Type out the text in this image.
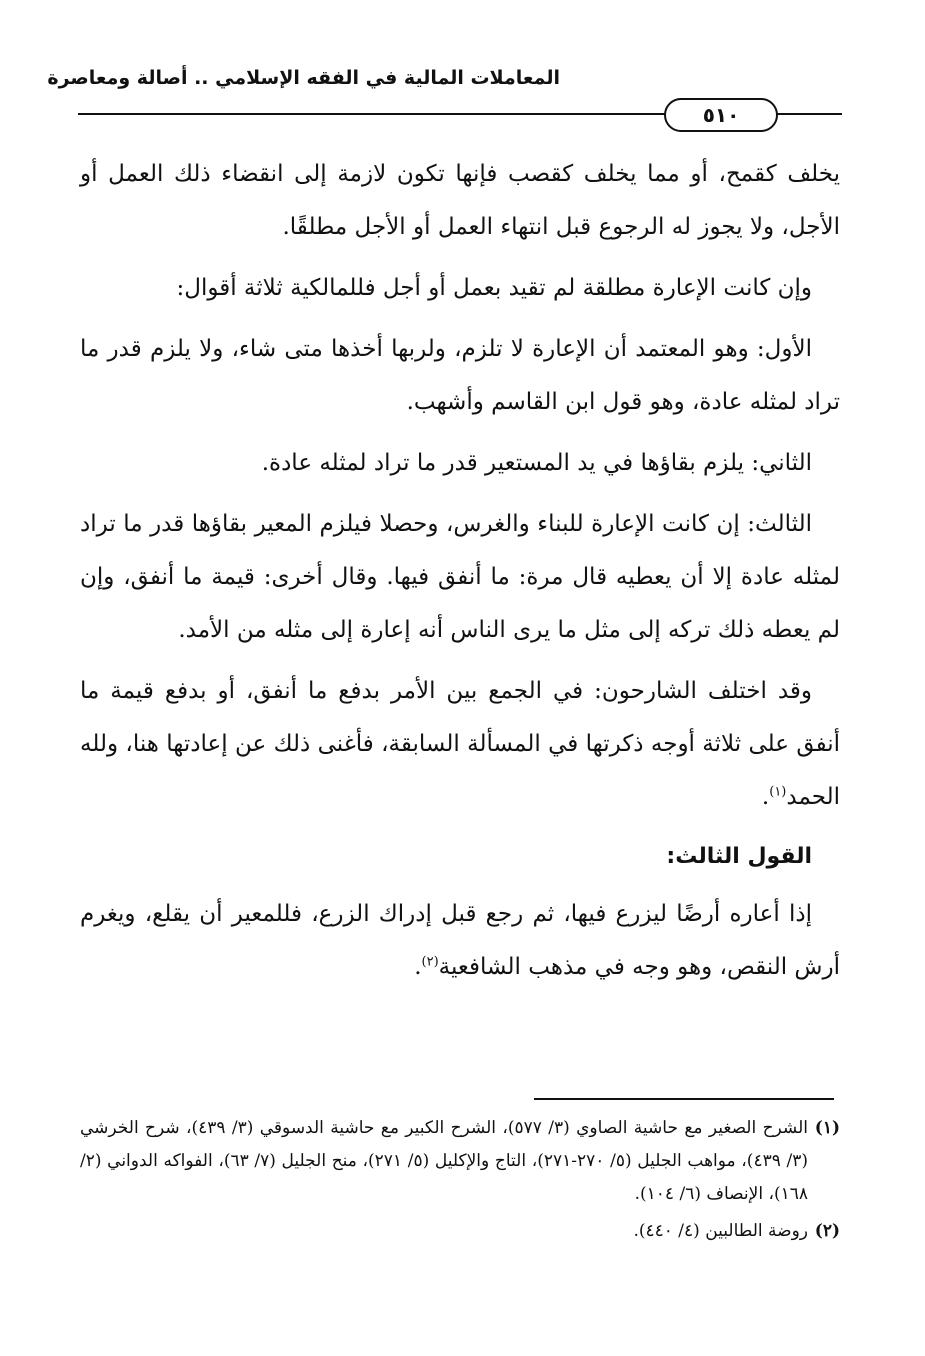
المعاملات المالية في الفقه الإسلامي .. أصالة ومعاصرة
٥١٠

يخلف كقمح، أو مما يخلف كقصب فإنها تكون لازمة إلى انقضاء ذلك العمل أو الأجل، ولا يجوز له الرجوع قبل انتهاء العمل أو الأجل مطلقًا.

وإن كانت الإعارة مطلقة لم تقيد بعمل أو أجل فللمالكية ثلاثة أقوال:

الأول: وهو المعتمد أن الإعارة لا تلزم، ولربها أخذها متى شاء، ولا يلزم قدر ما تراد لمثله عادة، وهو قول ابن القاسم وأشهب.

الثاني: يلزم بقاؤها في يد المستعير قدر ما تراد لمثله عادة.

الثالث: إن كانت الإعارة للبناء والغرس، وحصلا فيلزم المعير بقاؤها قدر ما تراد لمثله عادة إلا أن يعطيه قال مرة: ما أنفق فيها. وقال أخرى: قيمة ما أنفق، وإن لم يعطه ذلك تركه إلى مثل ما يرى الناس أنه إعارة إلى مثله من الأمد.

وقد اختلف الشارحون: في الجمع بين الأمر بدفع ما أنفق، أو بدفع قيمة ما أنفق على ثلاثة أوجه ذكرتها في المسألة السابقة، فأغنى ذلك عن إعادتها هنا، ولله الحمد$^{(١)}$.

القول الثالث:

إذا أعاره أرضًا ليزرع فيها، ثم رجع قبل إدراك الزرع، فللمعير أن يقلع، ويغرم أرش النقص، وهو وجه في مذهب الشافعية$^{(٢)}$.

(١)الشرح الصغير مع حاشية الصاوي (٣/ ٥٧٧)، الشرح الكبير مع حاشية الدسوقي (٣/ ٤٣٩)، شرح الخرشي (٣/ ٤٣٩)، مواهب الجليل (٥/ ٢٧٠-٢٧١)، التاج والإكليل (٥/ ٢٧١)، منح الجليل (٧/ ٦٣)، الفواكه الدواني (٢/ ١٦٨)، الإنصاف (٦/ ١٠٤).

(٢)روضة الطالبين (٤/ ٤٤٠).
